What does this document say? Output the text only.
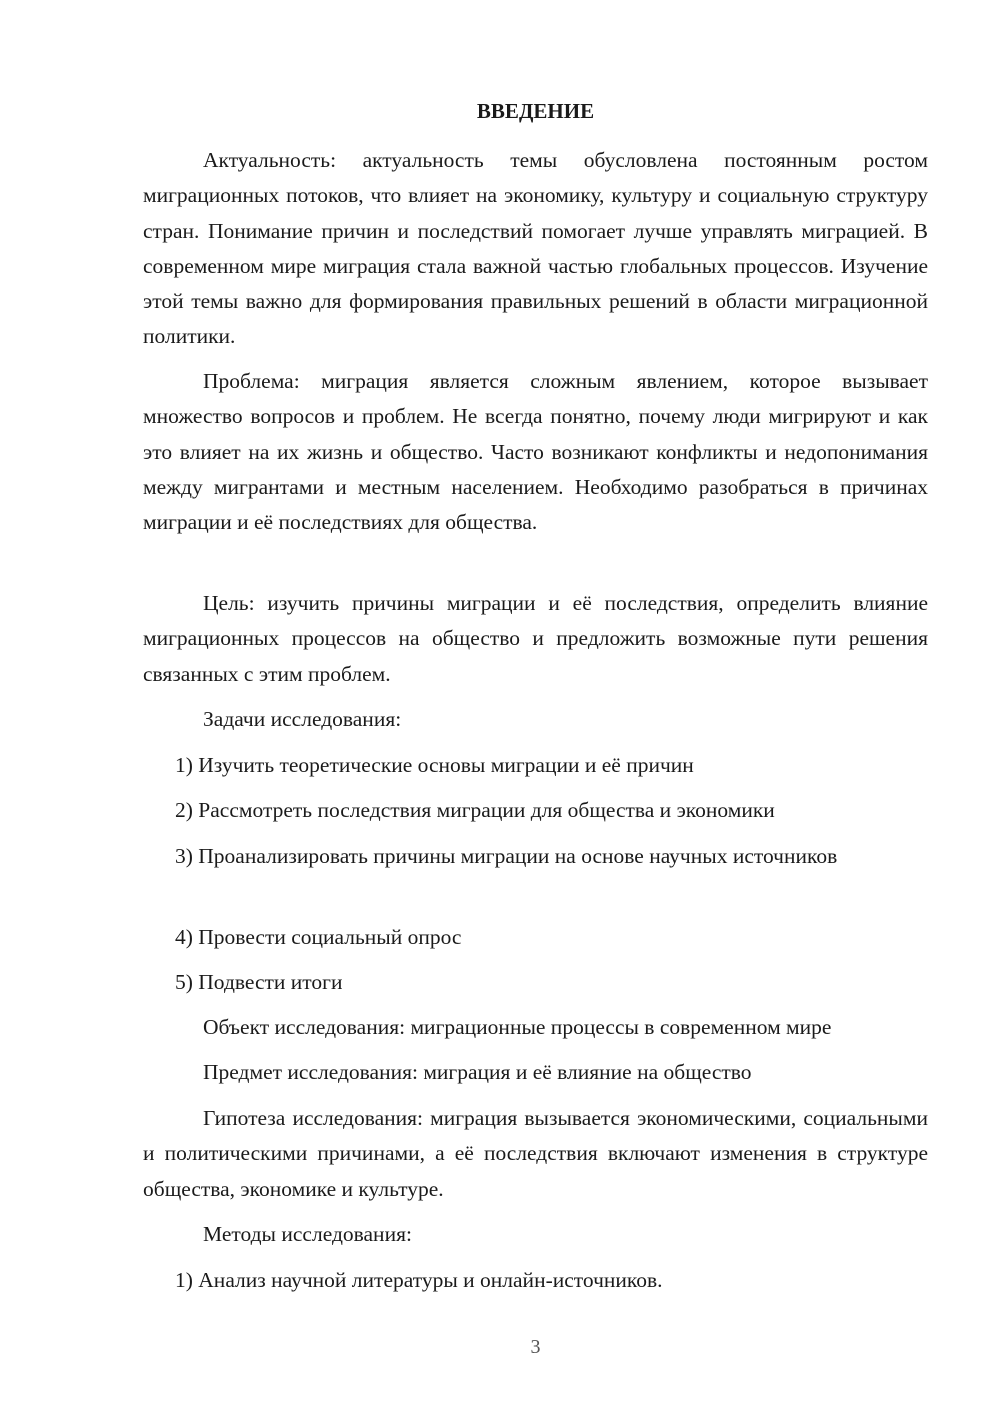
ВВЕДЕНИЕ

Актуальность: актуальность темы обусловлена постоянным ростом миграционных потоков, что влияет на экономику, культуру и социальную структуру стран. Понимание причин и последствий помогает лучше управлять миграцией. В современном мире миграция стала важной частью глобальных процессов. Изучение этой темы важно для формирования правильных решений в области миграционной политики.

Проблема: миграция является сложным явлением, которое вызывает множество вопросов и проблем. Не всегда понятно, почему люди мигрируют и как это влияет на их жизнь и общество. Часто возникают конфликты и недопонимания между мигрантами и местным населением. Необходимо разобраться в причинах миграции и её последствиях для общества.

Цель: изучить причины миграции и её последствия, определить влияние миграционных процессов на общество и предложить возможные пути решения связанных с этим проблем.

Задачи исследования:

1) Изучить теоретические основы миграции и её причин

2) Рассмотреть последствия миграции для общества и экономики

3) Проанализировать причины миграции на основе научных источников

4) Провести социальный опрос

5) Подвести итоги

Объект исследования: миграционные процессы в современном мире

Предмет исследования: миграция и её влияние на общество

Гипотеза исследования: миграция вызывается экономическими, социальными и политическими причинами, а её последствия включают изменения в структуре общества, экономике и культуре.

Методы исследования:

1) Анализ научной литературы и онлайн-источников.

3
